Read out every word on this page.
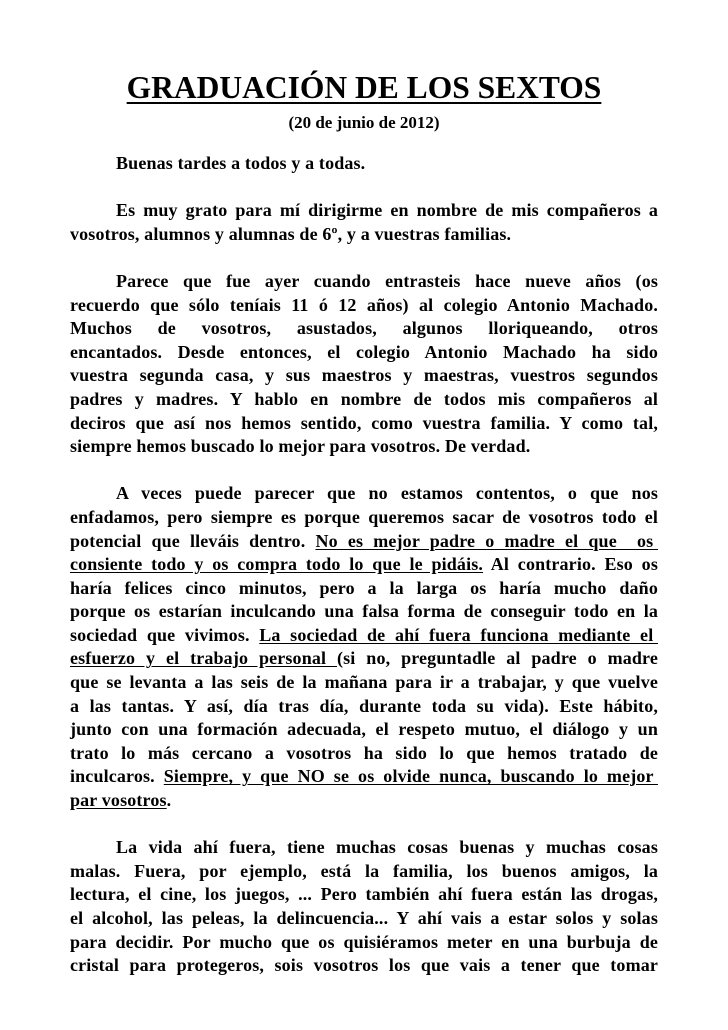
GRADUACIÓN DE LOS SEXTOS
(20 de junio de 2012)
Buenas tardes a todos y a todas.
Es muy grato para mí dirigirme en nombre de mis compañeros a
vosotros, alumnos y alumnas de 6º, y a vuestras familias.
Parece que fue ayer cuando entrasteis hace nueve años (os
recuerdo que sólo teníais 11 ó 12 años) al colegio Antonio Machado.
Muchos de vosotros, asustados, algunos lloriqueando, otros
encantados. Desde entonces, el colegio Antonio Machado ha sido
vuestra segunda casa, y sus maestros y maestras, vuestros segundos
padres y madres. Y hablo en nombre de todos mis compañeros al
deciros que así nos hemos sentido, como vuestra familia. Y como tal,
siempre hemos buscado lo mejor para vosotros. De verdad.
A veces puede parecer que no estamos contentos, o que nos
enfadamos, pero siempre es porque queremos sacar de vosotros todo el
potencial que lleváis dentro. No es mejor padre o madre el que  os
consiente todo y os compra todo lo que le pidáis. Al contrario. Eso os
haría felices cinco minutos, pero a la larga os haría mucho daño
porque os estarían inculcando una falsa forma de conseguir todo en la
sociedad que vivimos. La sociedad de ahí fuera funciona mediante el
esfuerzo y el trabajo personal (si no, preguntadle al padre o madre
que se levanta a las seis de la mañana para ir a trabajar, y que vuelve
a las tantas. Y así, día tras día, durante toda su vida). Este hábito,
junto con una formación adecuada, el respeto mutuo, el diálogo y un
trato lo más cercano a vosotros ha sido lo que hemos tratado de
inculcaros. Siempre, y que NO se os olvide nunca, buscando lo mejor
par vosotros.
La vida ahí fuera, tiene muchas cosas buenas y muchas cosas
malas. Fuera, por ejemplo, está la familia, los buenos amigos, la
lectura, el cine, los juegos, ... Pero también ahí fuera están las drogas,
el alcohol, las peleas, la delincuencia... Y ahí vais a estar solos y solas
para decidir. Por mucho que os quisiéramos meter en una burbuja de
cristal para protegeros, sois vosotros los que vais a tener que tomar
